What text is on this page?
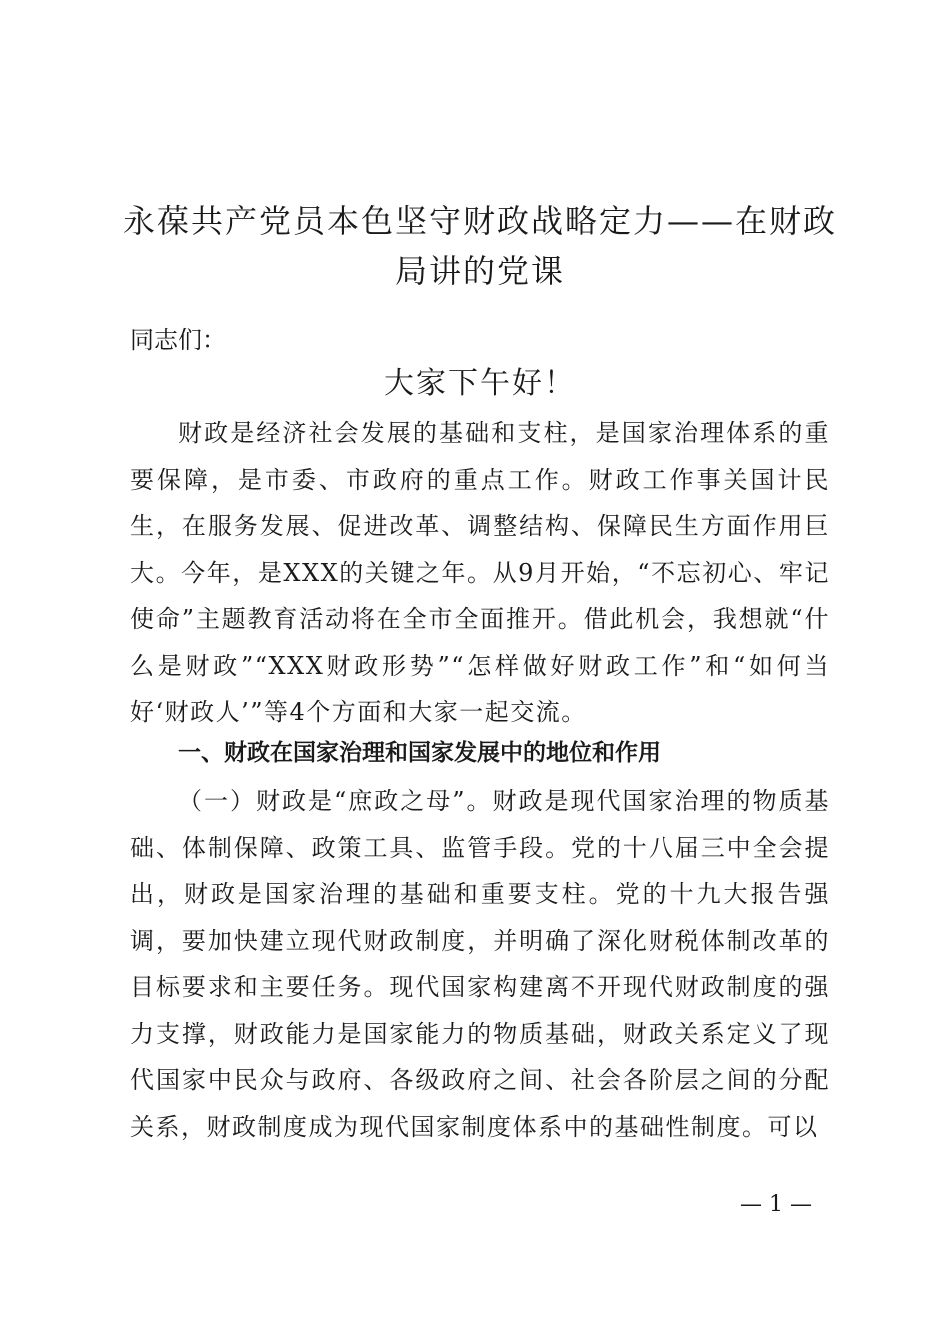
永葆共产党员本色坚守财政战略定力——在财政局讲的党课

同志们：

大家下午好！

财政是经济社会发展的基础和支柱，是国家治理体系的重要保障，是市委、市政府的重点工作。财政工作事关国计民生，在服务发展、促进改革、调整结构、保障民生方面作用巨大。今年，是XXX的关键之年。从9月开始，“不忘初心、牢记使命”主题教育活动将在全市全面推开。借此机会，我想就“什么是财政”“XXX财政形势”“怎样做好财政工作”和“如何当好‘财政人’”等4个方面和大家一起交流。

一、财政在国家治理和国家发展中的地位和作用

（一）财政是“庶政之母”。财政是现代国家治理的物质基础、体制保障、政策工具、监管手段。党的十八届三中全会提出，财政是国家治理的基础和重要支柱。党的十九大报告强调，要加快建立现代财政制度，并明确了深化财税体制改革的目标要求和主要任务。现代国家构建离不开现代财政制度的强力支撑，财政能力是国家能力的物质基础，财政关系定义了现代国家中民众与政府、各级政府之间、社会各阶层之间的分配关系，财政制度成为现代国家制度体系中的基础性制度。可以

— 1 —
